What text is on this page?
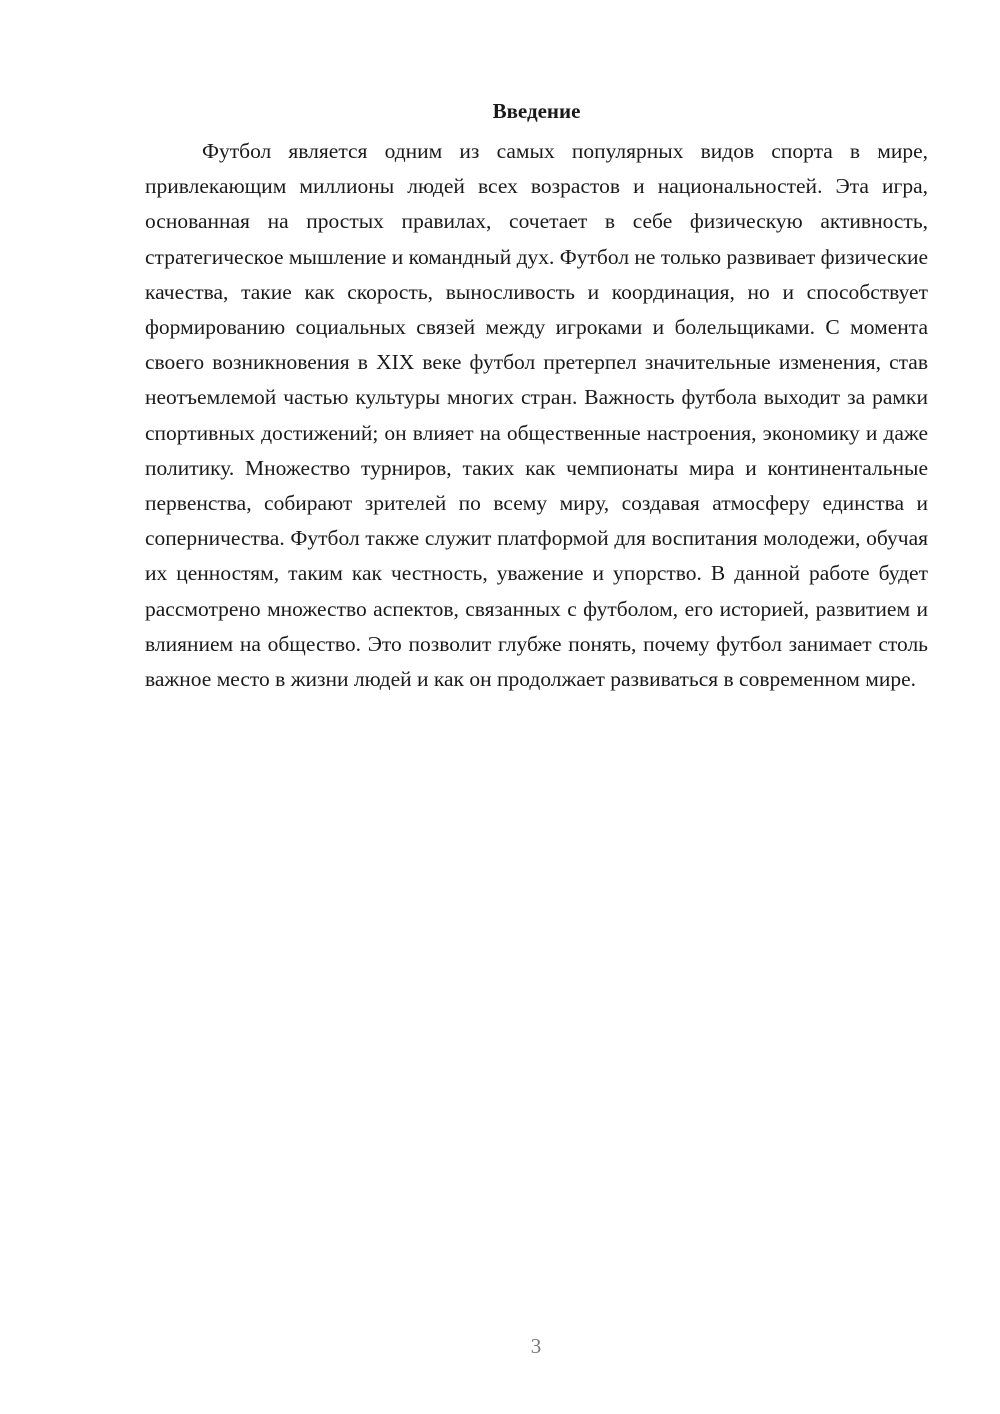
Введение

Футбол является одним из самых популярных видов спорта в мире, привлекающим миллионы людей всех возрастов и национальностей. Эта игра, основанная на простых правилах, сочетает в себе физическую активность, стратегическое мышление и командный дух. Футбол не только развивает физические качества, такие как скорость, выносливость и координация, но и способствует формированию социальных связей между игроками и болельщиками. С момента своего возникновения в XIX веке футбол претерпел значительные изменения, став неотъемлемой частью культуры многих стран. Важность футбола выходит за рамки спортивных достижений; он влияет на общественные настроения, экономику и даже политику. Множество турниров, таких как чемпионаты мира и континентальные первенства, собирают зрителей по всему миру, создавая атмосферу единства и соперничества. Футбол также служит платформой для воспитания молодежи, обучая их ценностям, таким как честность, уважение и упорство. В данной работе будет рассмотрено множество аспектов, связанных с футболом, его историей, развитием и влиянием на общество. Это позволит глубже понять, почему футбол занимает столь важное место в жизни людей и как он продолжает развиваться в современном мире.

3
